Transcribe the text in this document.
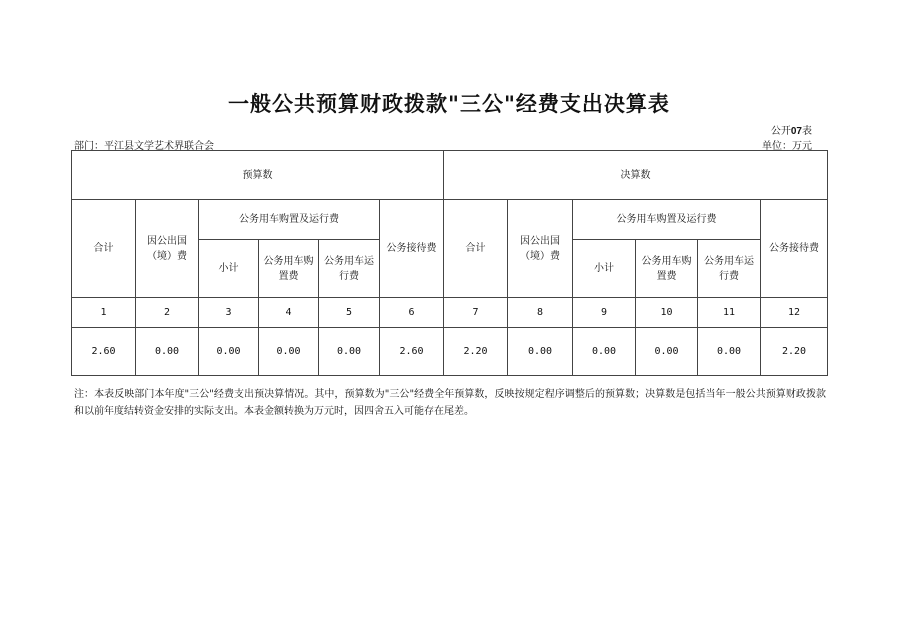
一般公共预算财政拨款"三公"经费支出决算表
公开07表
部门：平江县文学艺术界联合会	单位：万元
预算数						决算数					
合计	因公出国（境）费	公务用车购置及运行费			公务接待费	合计	因公出国（境）费	公务用车购置及运行费			公务接待费
		小计	公务用车购置费	公务用车运行费				小计	公务用车购置费	公务用车运行费	
1	2	3	4	5	6	7	8	9	10	11	12
2.60	0.00	0.00	0.00	0.00	2.60	2.20	0.00	0.00	0.00	0.00	2.20
注：本表反映部门本年度"三公"经费支出预决算情况。其中，预算数为"三公"经费全年预算数，反映按规定程序调整后的预算数；决算数是包括当年一般公共预算财政拨款和以前年度结转资金安排的实际支出。本表金额转换为万元时，因四舍五入可能存在尾差。
